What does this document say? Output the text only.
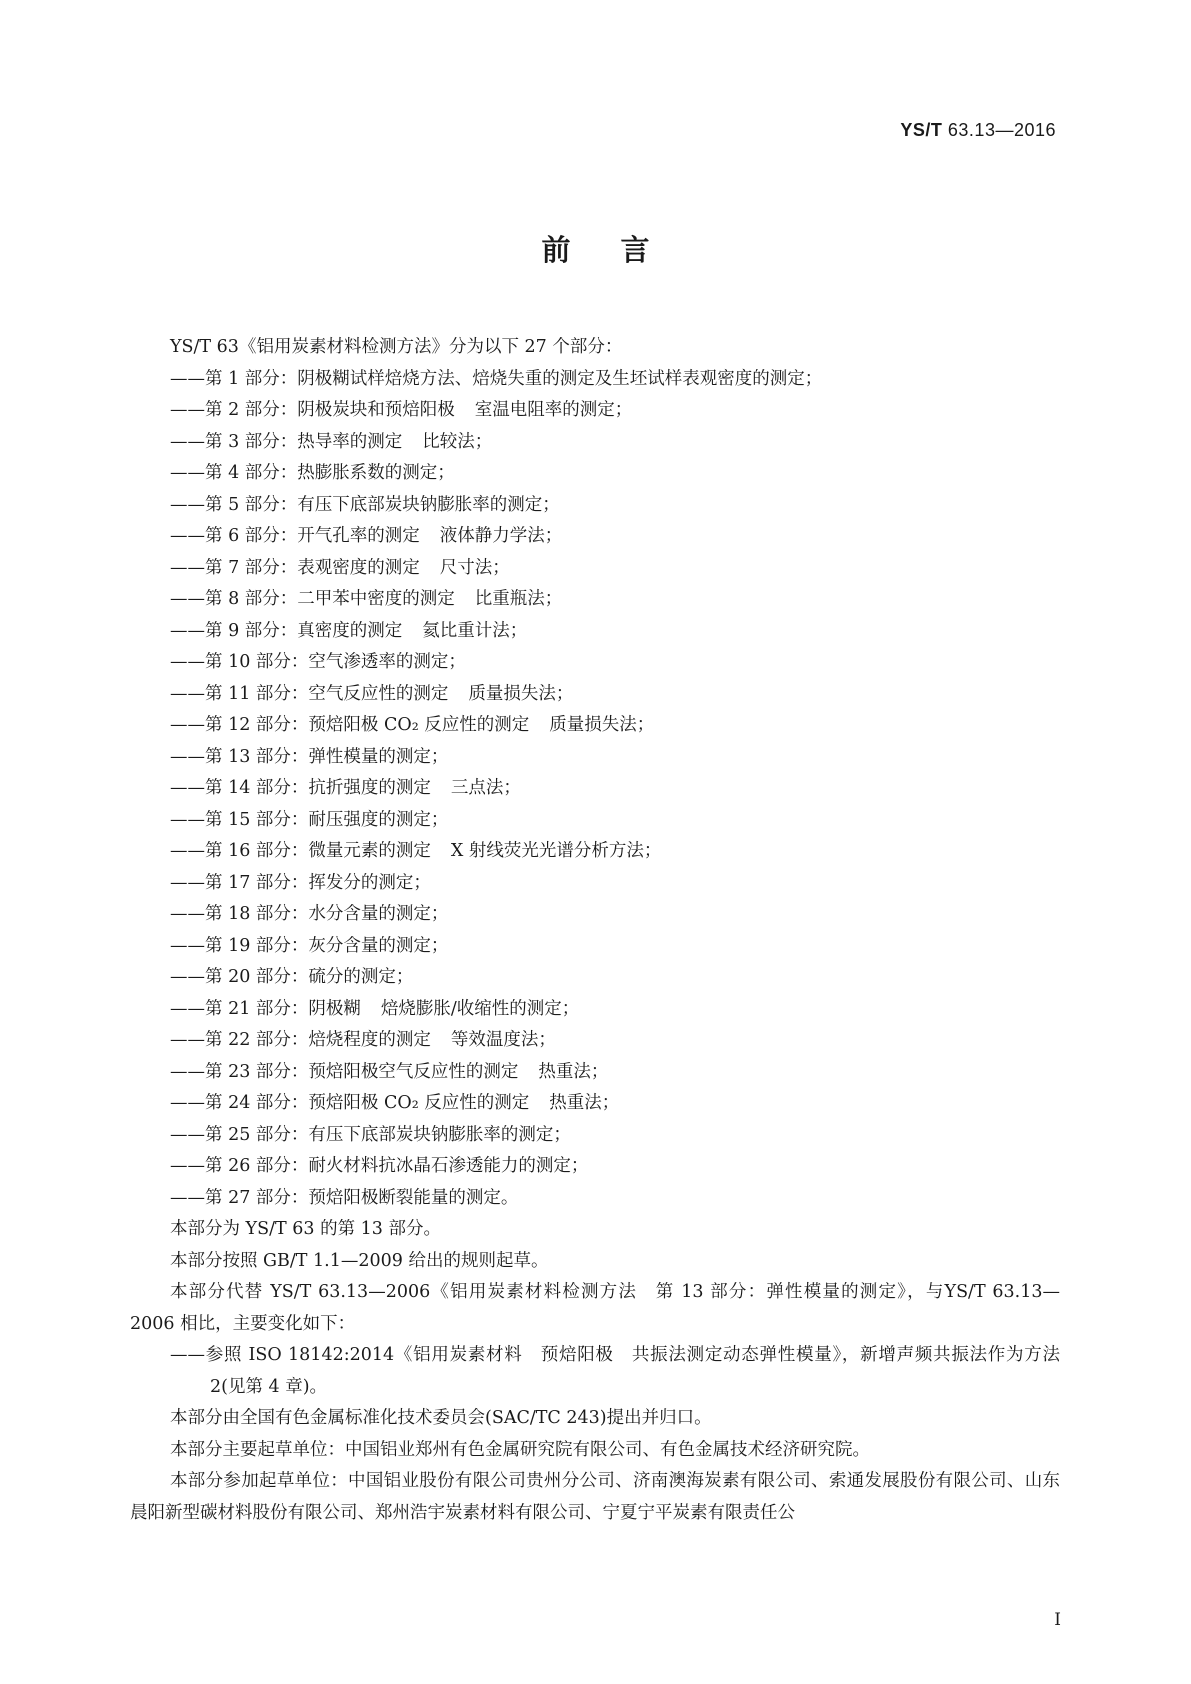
YS/T 63.13—2016
前言
YS/T 63《铝用炭素材料检测方法》分为以下 27 个部分：
——第 1 部分：阴极糊试样焙烧方法、焙烧失重的测定及生坯试样表观密度的测定；
——第 2 部分：阴极炭块和预焙阳极 室温电阻率的测定；
——第 3 部分：热导率的测定 比较法；
——第 4 部分：热膨胀系数的测定；
——第 5 部分：有压下底部炭块钠膨胀率的测定；
——第 6 部分：开气孔率的测定 液体静力学法；
——第 7 部分：表观密度的测定 尺寸法；
——第 8 部分：二甲苯中密度的测定 比重瓶法；
——第 9 部分：真密度的测定 氦比重计法；
——第 10 部分：空气渗透率的测定；
——第 11 部分：空气反应性的测定 质量损失法；
——第 12 部分：预焙阳极 CO₂ 反应性的测定 质量损失法；
——第 13 部分：弹性模量的测定；
——第 14 部分：抗折强度的测定 三点法；
——第 15 部分：耐压强度的测定；
——第 16 部分：微量元素的测定 X 射线荧光光谱分析方法；
——第 17 部分：挥发分的测定；
——第 18 部分：水分含量的测定；
——第 19 部分：灰分含量的测定；
——第 20 部分：硫分的测定；
——第 21 部分：阴极糊 焙烧膨胀/收缩性的测定；
——第 22 部分：焙烧程度的测定 等效温度法；
——第 23 部分：预焙阳极空气反应性的测定 热重法；
——第 24 部分：预焙阳极 CO₂ 反应性的测定 热重法；
——第 25 部分：有压下底部炭块钠膨胀率的测定；
——第 26 部分：耐火材料抗冰晶石渗透能力的测定；
——第 27 部分：预焙阳极断裂能量的测定。
本部分为 YS/T 63 的第 13 部分。
本部分按照 GB/T 1.1—2009 给出的规则起草。
本部分代替 YS/T 63.13—2006《铝用炭素材料检测方法　第 13 部分：弹性模量的测定》，与YS/T 63.13—2006 相比，主要变化如下：
——参照 ISO 18142:2014《铝用炭素材料　预焙阳极　共振法测定动态弹性模量》，新增声频共振法作为方法 2(见第 4 章)。
本部分由全国有色金属标准化技术委员会(SAC/TC 243)提出并归口。
本部分主要起草单位：中国铝业郑州有色金属研究院有限公司、有色金属技术经济研究院。
本部分参加起草单位：中国铝业股份有限公司贵州分公司、济南澳海炭素有限公司、索通发展股份有限公司、山东晨阳新型碳材料股份有限公司、郑州浩宇炭素材料有限公司、宁夏宁平炭素有限责任公
I
